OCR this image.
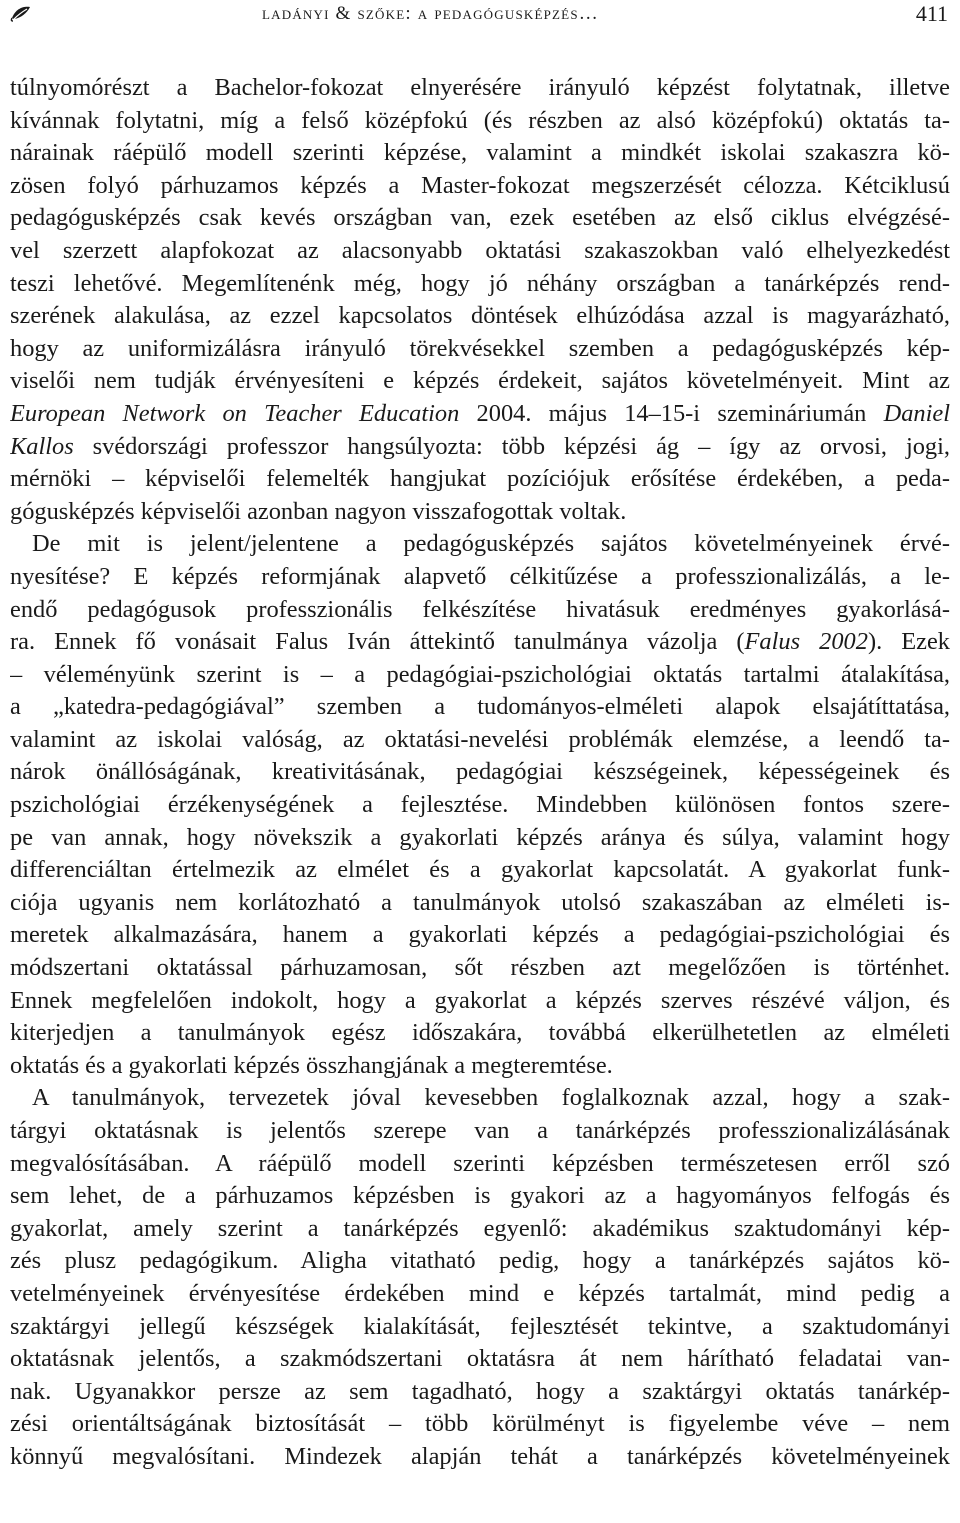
ladányi & szőke: a pedagógusképzés…	411
túlnyomórészt a Bachelor-fokozat elnyerésére irányuló képzést folytatnak, illetve
kívánnak folytatni, míg a felső középfokú (és részben az alsó középfokú) oktatás ta-
nárainak ráépülő modell szerinti képzése, valamint a mindkét iskolai szakaszra kö-
zösen folyó párhuzamos képzés a Master-fokozat megszerzését célozza. Kétciklusú
pedagógusképzés csak kevés országban van, ezek esetében az első ciklus elvégzésé-
vel szerzett alapfokozat az alacsonyabb oktatási szakaszokban való elhelyezkedést
teszi lehetővé. Megemlítenénk még, hogy jó néhány országban a tanárképzés rend-
szerének alakulása, az ezzel kapcsolatos döntések elhúzódása azzal is magyarázható,
hogy az uniformizálásra irányuló törekvésekkel szemben a pedagógusképzés kép-
viselői nem tudják érvényesíteni e képzés érdekeit, sajátos követelményeit. Mint az
European Network on Teacher Education 2004. május 14–15-i szemináriumán Daniel
Kallos svédországi professzor hangsúlyozta: több képzési ág – így az orvosi, jogi,
mérnöki – képviselői felemelték hangjukat pozíciójuk erősítése érdekében, a peda-
gógusképzés képviselői azonban nagyon visszafogottak voltak.
De mit is jelent/jelentene a pedagógusképzés sajátos követelményeinek érvé-
nyesítése? E képzés reformjának alapvető célkitűzése a professzionalizálás, a le-
endő pedagógusok professzionális felkészítése hivatásuk eredményes gyakorlásá-
ra. Ennek fő vonásait Falus Iván áttekintő tanulmánya vázolja (Falus 2002). Ezek
– véleményünk szerint is – a pedagógiai-pszichológiai oktatás tartalmi átalakítása,
a „katedra-pedagógiával” szemben a tudományos-elméleti alapok elsajátíttatása,
valamint az iskolai valóság, az oktatási-nevelési problémák elemzése, a leendő ta-
nárok önállóságának, kreativitásának, pedagógiai készségeinek, képességeinek és
pszichológiai érzékenységének a fejlesztése. Mindebben különösen fontos szere-
pe van annak, hogy növekszik a gyakorlati képzés aránya és súlya, valamint hogy
differenciáltan értelmezik az elmélet és a gyakorlat kapcsolatát. A gyakorlat funk-
ciója ugyanis nem korlátozható a tanulmányok utolsó szakaszában az elméleti is-
meretek alkalmazására, hanem a gyakorlati képzés a pedagógiai-pszichológiai és
módszertani oktatással párhuzamosan, sőt részben azt megelőzően is történhet.
Ennek megfelelően indokolt, hogy a gyakorlat a képzés szerves részévé váljon, és
kiterjedjen a tanulmányok egész időszakára, továbbá elkerülhetetlen az elméleti
oktatás és a gyakorlati képzés összhangjának a megteremtése.
A tanulmányok, tervezetek jóval kevesebben foglalkoznak azzal, hogy a szak-
tárgyi oktatásnak is jelentős szerepe van a tanárképzés professzionalizálásának
megvalósításában. A ráépülő modell szerinti képzésben természetesen erről szó
sem lehet, de a párhuzamos képzésben is gyakori az a hagyományos felfogás és
gyakorlat, amely szerint a tanárképzés egyenlő: akadémikus szaktudományi kép-
zés plusz pedagógikum. Aligha vitatható pedig, hogy a tanárképzés sajátos kö-
vetelményeinek érvényesítése érdekében mind e képzés tartalmát, mind pedig a
szaktárgyi jellegű készségek kialakítását, fejlesztését tekintve, a szaktudományi
oktatásnak jelentős, a szakmódszertani oktatásra át nem hárítható feladatai van-
nak. Ugyanakkor persze az sem tagadható, hogy a szaktárgyi oktatás tanárkép-
zési orientáltságának biztosítását – több körülményt is figyelembe véve – nem
könnyű megvalósítani. Mindezek alapján tehát a tanárképzés követelményeinek
